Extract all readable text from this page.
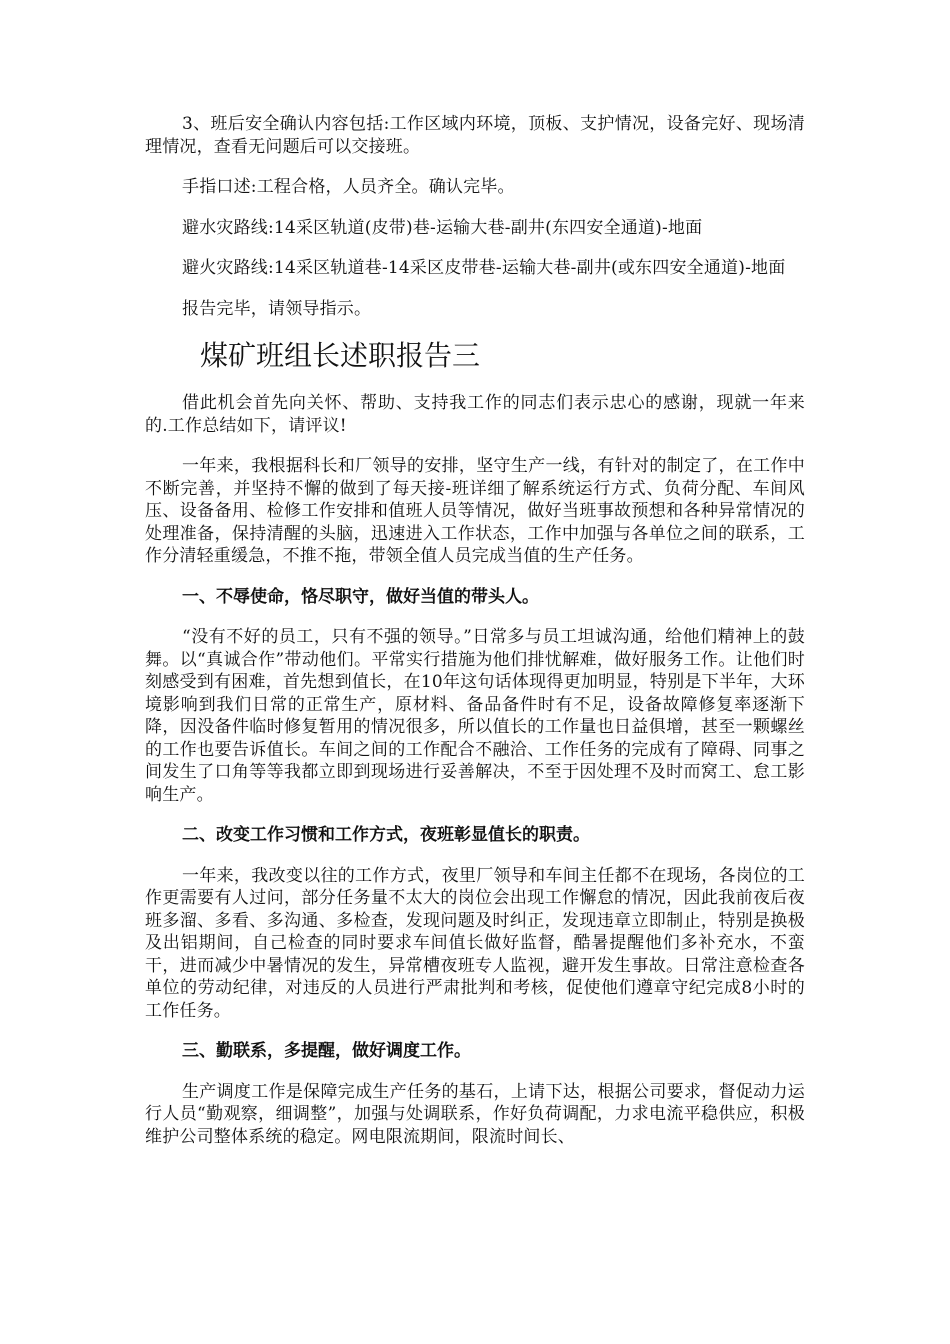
3、班后安全确认内容包括:工作区域内环境，顶板、支护情况，设备完好、现场清理情况，查看无问题后可以交接班。

手指口述:工程合格，人员齐全。确认完毕。

避水灾路线:14采区轨道(皮带)巷-运输大巷-副井(东四安全通道)-地面

避火灾路线:14采区轨道巷-14采区皮带巷-运输大巷-副井(或东四安全通道)-地面

报告完毕，请领导指示。

煤矿班组长述职报告三

借此机会首先向关怀、帮助、支持我工作的同志们表示忠心的感谢，现就一年来的.工作总结如下，请评议!

一年来，我根据科长和厂领导的安排，坚守生产一线，有针对的制定了，在工作中不断完善，并坚持不懈的做到了每天接-班详细了解系统运行方式、负荷分配、车间风压、设备备用、检修工作安排和值班人员等情况，做好当班事故预想和各种异常情况的处理准备，保持清醒的头脑，迅速进入工作状态，工作中加强与各单位之间的联系，工作分清轻重缓急，不推不拖，带领全值人员完成当值的生产任务。

一、不辱使命，恪尽职守，做好当值的带头人。

“没有不好的员工，只有不强的领导。”日常多与员工坦诚沟通，给他们精神上的鼓舞。以“真诚合作”带动他们。平常实行措施为他们排忧解难，做好服务工作。让他们时刻感受到有困难，首先想到值长，在10年这句话体现得更加明显，特别是下半年，大环境影响到我们日常的正常生产，原材料、备品备件时有不足，设备故障修复率逐渐下降，因没备件临时修复暂用的情况很多，所以值长的工作量也日益俱增，甚至一颗螺丝的工作也要告诉值长。车间之间的工作配合不融洽、工作任务的完成有了障碍、同事之间发生了口角等等我都立即到现场进行妥善解决，不至于因处理不及时而窝工、怠工影响生产。

二、改变工作习惯和工作方式，夜班彰显值长的职责。

一年来，我改变以往的工作方式，夜里厂领导和车间主任都不在现场，各岗位的工作更需要有人过问，部分任务量不太大的岗位会出现工作懈怠的情况，因此我前夜后夜班多溜、多看、多沟通、多检查，发现问题及时纠正，发现违章立即制止，特别是换极及出铝期间，自己检查的同时要求车间值长做好监督，酷暑提醒他们多补充水，不蛮干，进而减少中暑情况的发生，异常槽夜班专人监视，避开发生事故。日常注意检查各单位的劳动纪律，对违反的人员进行严肃批判和考核，促使他们遵章守纪完成8小时的工作任务。

三、勤联系，多提醒，做好调度工作。

生产调度工作是保障完成生产任务的基石，上请下达，根据公司要求，督促动力运行人员“勤观察，细调整”，加强与处调联系，作好负荷调配，力求电流平稳供应，积极维护公司整体系统的稳定。网电限流期间，限流时间长、
